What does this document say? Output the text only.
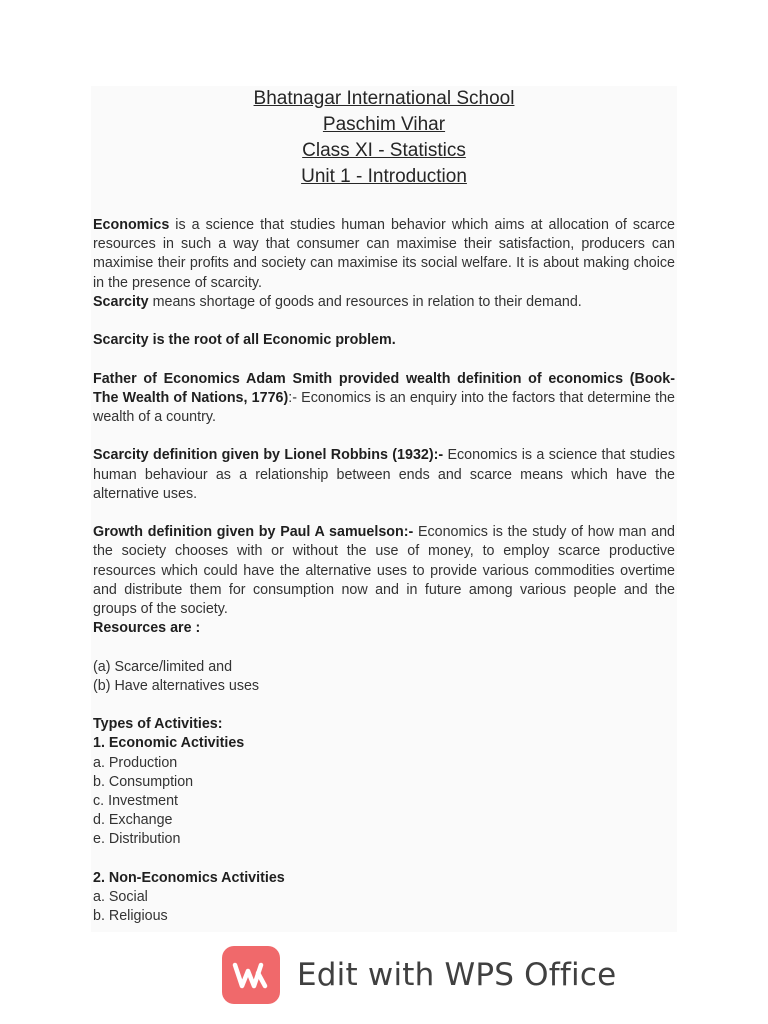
Bhatnagar International School
Paschim Vihar
Class XI - Statistics
Unit 1 - Introduction

Economics is a science that studies human behavior which aims at allocation of scarce resources in such a way that consumer can maximise their satisfaction, producers can maximise their profits and society can maximise its social welfare. It is about making choice in the presence of scarcity.

Scarcity means shortage of goods and resources in relation to their demand.

Scarcity is the root of all Economic problem.

Father of Economics Adam Smith provided wealth definition of economics (Book- The Wealth of Nations, 1776):- Economics is an enquiry into the factors that determine the wealth of a country.

Scarcity definition given by Lionel Robbins (1932):- Economics is a science that studies human behaviour as a relationship between ends and scarce means which have the alternative uses.

Growth definition given by Paul A samuelson:- Economics is the study of how man and the society chooses with or without the use of money, to employ scarce productive resources which could have the alternative uses to provide various commodities overtime and distribute them for consumption now and in future among various people and the groups of the society.

Resources are :

(a) Scarce/limited and

(b) Have alternatives uses

Types of Activities:

1. Economic Activities

a. Production

b. Consumption

c. Investment

d. Exchange

e. Distribution

2. Non-Economics Activities

a. Social

b. Religious

Edit with WPS Office
